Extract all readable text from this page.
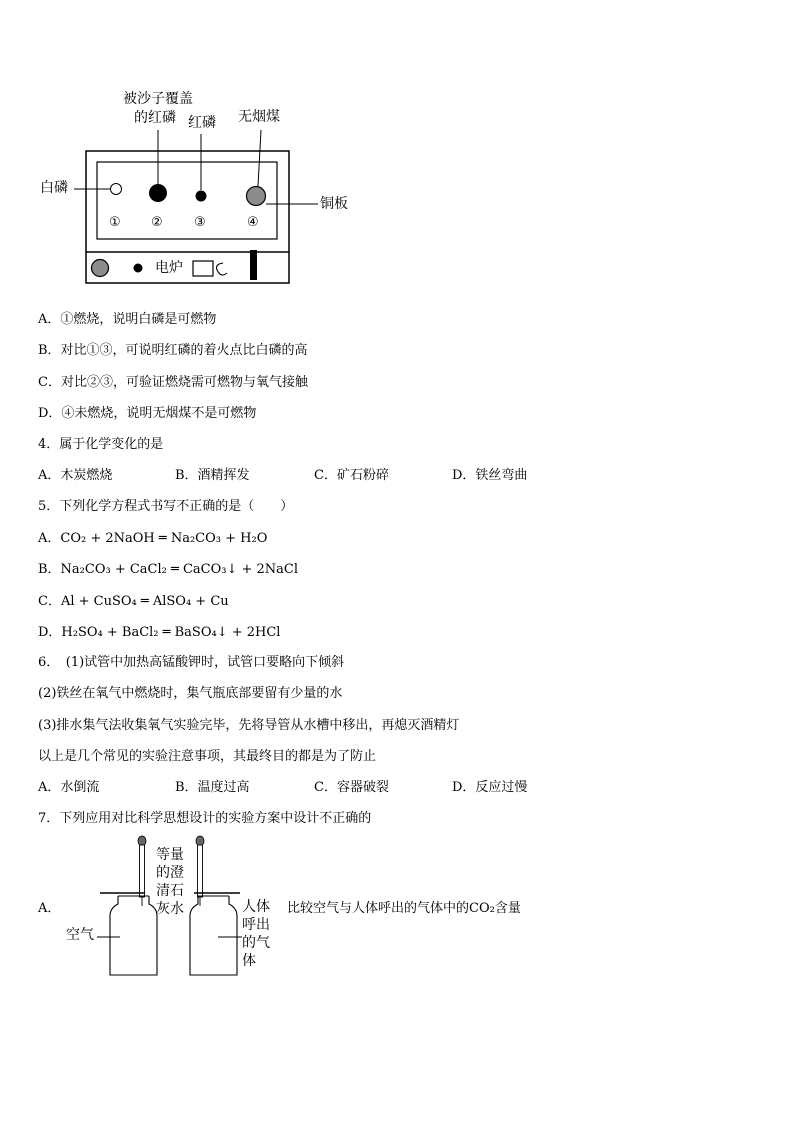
被沙子覆盖
的红磷 红磷 无烟煤
白磷
铜板
电炉
① ② ③	④
A．①燃烧，说明白磷是可燃物
B．对比①③，可说明红磷的着火点比白磷的高
C．对比②③，可验证燃烧需可燃物与氧气接触
D．④未燃烧，说明无烟煤不是可燃物
4．属于化学变化的是
A．木炭燃烧	B．酒精挥发	C．矿石粉碎	D．铁丝弯曲
5．下列化学方程式书写不正确的是（　　）
A．CO₂ + 2NaOH ═ Na₂CO₃ + H₂O
B．Na₂CO₃ + CaCl₂ ═ CaCO₃↓ + 2NaCl
C．Al + CuSO₄ ═ AlSO₄ + Cu
D．H₂SO₄ + BaCl₂ ═ BaSO₄↓ + 2HCl
6．　(1)试管中加热高锰酸钾时，试管口要略向下倾斜
(2)铁丝在氧气中燃烧时，集气瓶底部要留有少量的水
(3)排水集气法收集氧气实验完毕，先将导管从水槽中移出，再熄灭酒精灯
以上是几个常见的实验注意事项，其最终目的都是为了防止
A．水倒流	B．温度过高	C．容器破裂	D．反应过慢
7．下列应用对比科学思想设计的实验方案中设计不正确的
A．	比较空气与人体呼出的气体中的CO₂含量
等量
的澄
清石
灰水
空气
人体
呼出
的气
体
